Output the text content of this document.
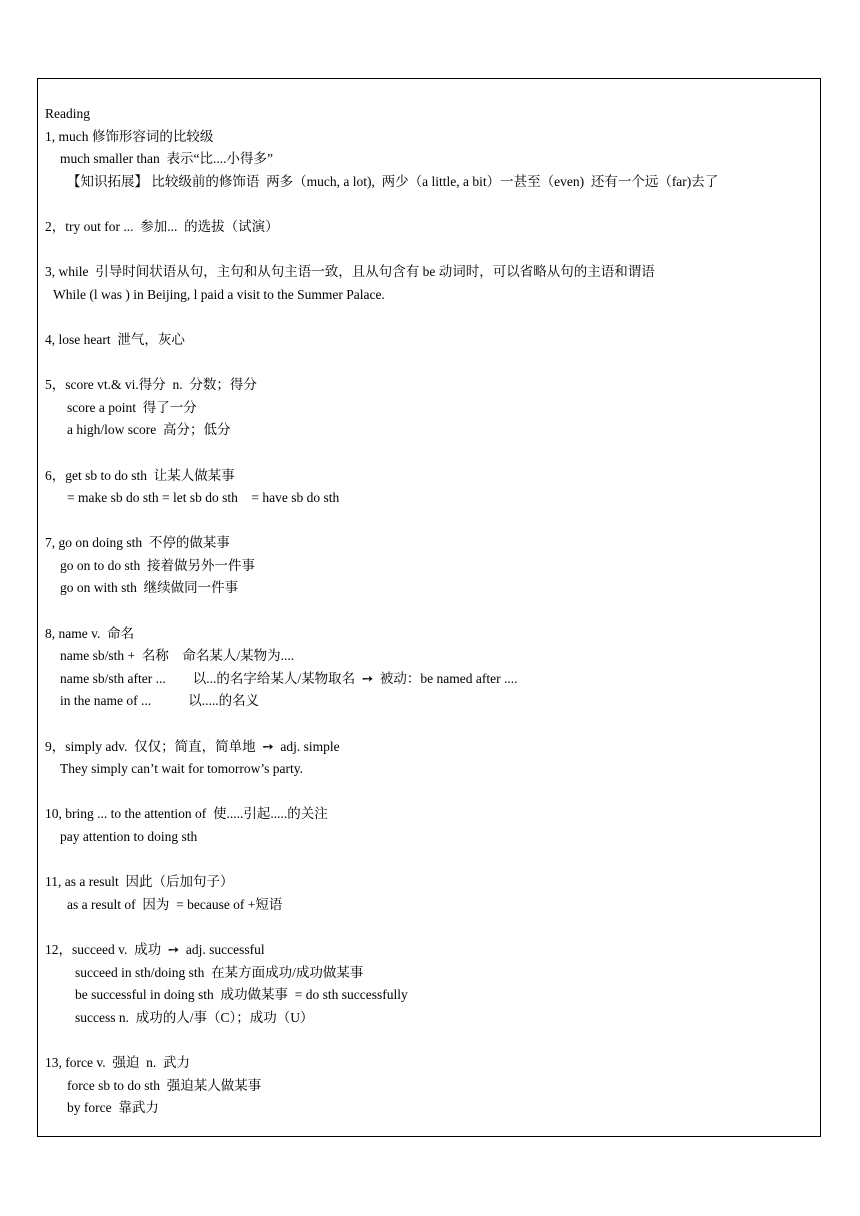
Reading
1, much 修饰形容词的比较级
much smaller than  表示“比....小得多”
【知识拓展】 比较级前的修饰语  两多（much, a lot),  两少（a little, a bit）一甚至（even)  还有一个远（far)去了
2，try out for ...  参加...  的选拔（试演）
3, while  引导时间状语从句，主句和从句主语一致，且从句含有 be 动词时，可以省略从句的主语和谓语
While (l was ) in Beijing, l paid a visit to the Summer Palace.
4, lose heart  泄气，灰心
5，score vt.& vi.得分  n.  分数；得分
score a point  得了一分
a high/low score  高分；低分
6，get sb to do sth  让某人做某事
= make sb do sth = let sb do sth    = have sb do sth
7, go on doing sth  不停的做某事
go on to do sth  接着做另外一件事
go on with sth  继续做同一件事
8, name v.  命名
name sb/sth +  名称    命名某人/某物为....
name sb/sth after ...        以...的名字给某人/某物取名  ➙  被动：be named after ....
in the name of ...           以.....的名义
9，simply adv.  仅仅；简直，简单地  ➙  adj. simple
They simply can’t wait for tomorrow’s party.
10, bring ... to the attention of  使.....引起.....的关注
pay attention to doing sth
11, as a result  因此（后加句子）
as a result of  因为  = because of +短语
12，succeed v.  成功  ➙  adj. successful
succeed in sth/doing sth  在某方面成功/成功做某事
be successful in doing sth  成功做某事  = do sth successfully
success n.  成功的人/事（C）；成功（U）
13, force v.  强迫  n.  武力
force sb to do sth  强迫某人做某事
by force  靠武力
